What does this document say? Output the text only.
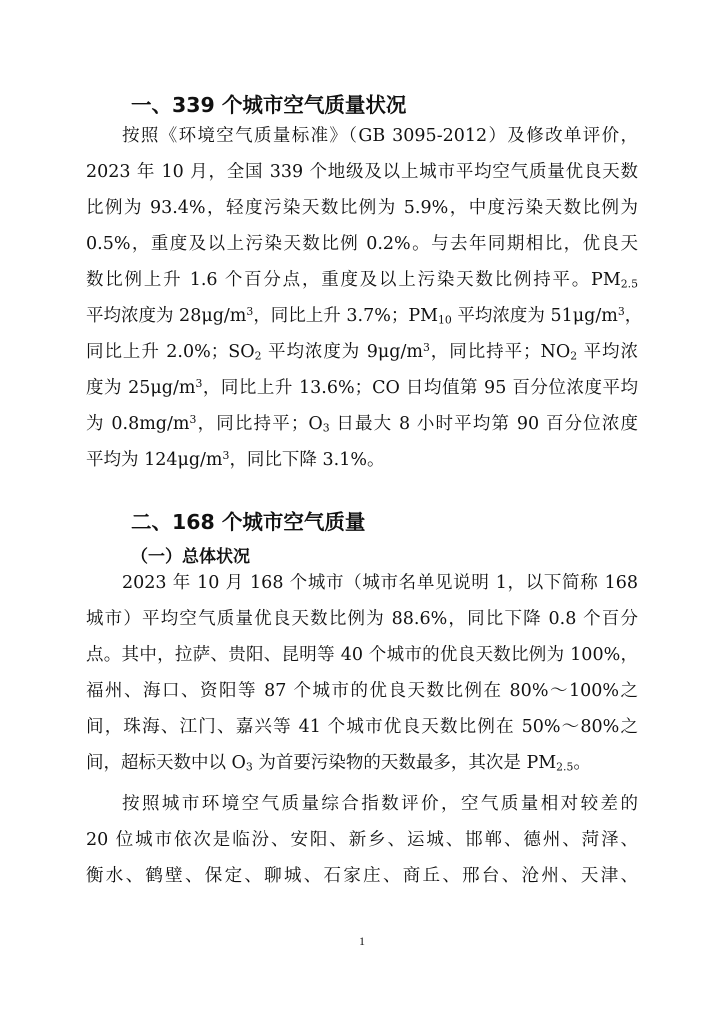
一、339 个城市空气质量状况
按照《环境空气质量标准》（GB 3095-2012）及修改单评价，
2023 年 10 月，全国 339 个地级及以上城市平均空气质量优良天数
比例为 93.4%，轻度污染天数比例为 5.9%，中度污染天数比例为
0.5%，重度及以上污染天数比例 0.2%。与去年同期相比，优良天
数比例上升 1.6 个百分点，重度及以上污染天数比例持平。$PM_{2.5}$
平均浓度为 $28\mu g/m^3$，同比上升 3.7%；$PM_{10}$ 平均浓度为 $51\mu g/m^3$，
同比上升 2.0%；$SO_2$ 平均浓度为 $9\mu g/m^3$，同比持平；$NO_2$ 平均浓
度为 $25\mu g/m^3$，同比上升 13.6%；CO 日均值第 95 百分位浓度平均
为 $0.8mg/m^3$，同比持平；$O_3$ 日最大 8 小时平均第 90 百分位浓度
平均为 $124\mu g/m^3$，同比下降 3.1%。
二、168 个城市空气质量
（一）总体状况
2023 年 10 月 168 个城市（城市名单见说明 1，以下简称 168
城市）平均空气质量优良天数比例为 88.6%，同比下降 0.8 个百分
点。其中，拉萨、贵阳、昆明等 40 个城市的优良天数比例为 100%，
福州、海口、资阳等 87 个城市的优良天数比例在 80%～100%之
间，珠海、江门、嘉兴等 41 个城市优良天数比例在 50%～80%之
间，超标天数中以 $O_3$ 为首要污染物的天数最多，其次是 $PM_{2.5}$。
按照城市环境空气质量综合指数评价，空气质量相对较差的
20 位城市依次是临汾、安阳、新乡、运城、邯郸、德州、菏泽、
衡水、鹤壁、保定、聊城、石家庄、商丘、邢台、沧州、天津、
1
